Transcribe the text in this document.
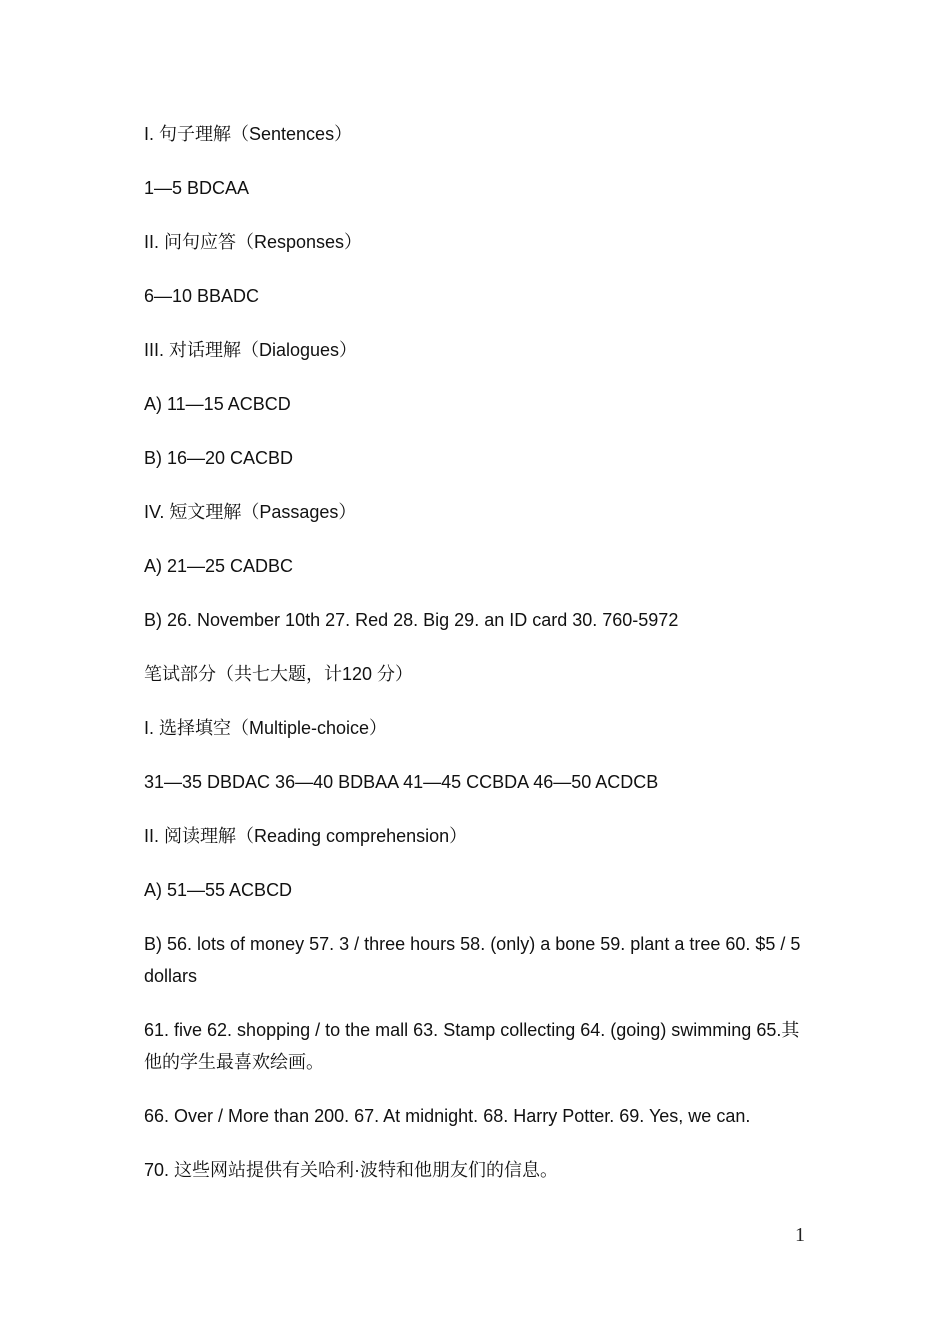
I. 句子理解（Sentences）

1—5 BDCAA

II. 问句应答（Responses）

6—10 BBADC

III. 对话理解（Dialogues）

A) 11—15 ACBCD

B) 16—20 CACBD

IV. 短文理解（Passages）

A) 21—25 CADBC

B) 26. November 10th 27. Red 28. Big 29. an ID card 30. 760-5972

笔试部分（共七大题，计120 分）

I. 选择填空（Multiple-choice）

31—35 DBDAC 36—40 BDBAA 41—45 CCBDA 46—50 ACDCB

II. 阅读理解（Reading comprehension）

A) 51—55 ACBCD

B) 56. lots of money 57. 3 / three hours 58. (only) a bone 59. plant a tree 60. $5 / 5 dollars

61. five 62. shopping / to the mall 63. Stamp collecting 64. (going) swimming 65.其他的学生最喜欢绘画。

66. Over / More than 200. 67. At midnight. 68. Harry Potter. 69. Yes, we can.

70. 这些网站提供有关哈利·波特和他朋友们的信息。

1
